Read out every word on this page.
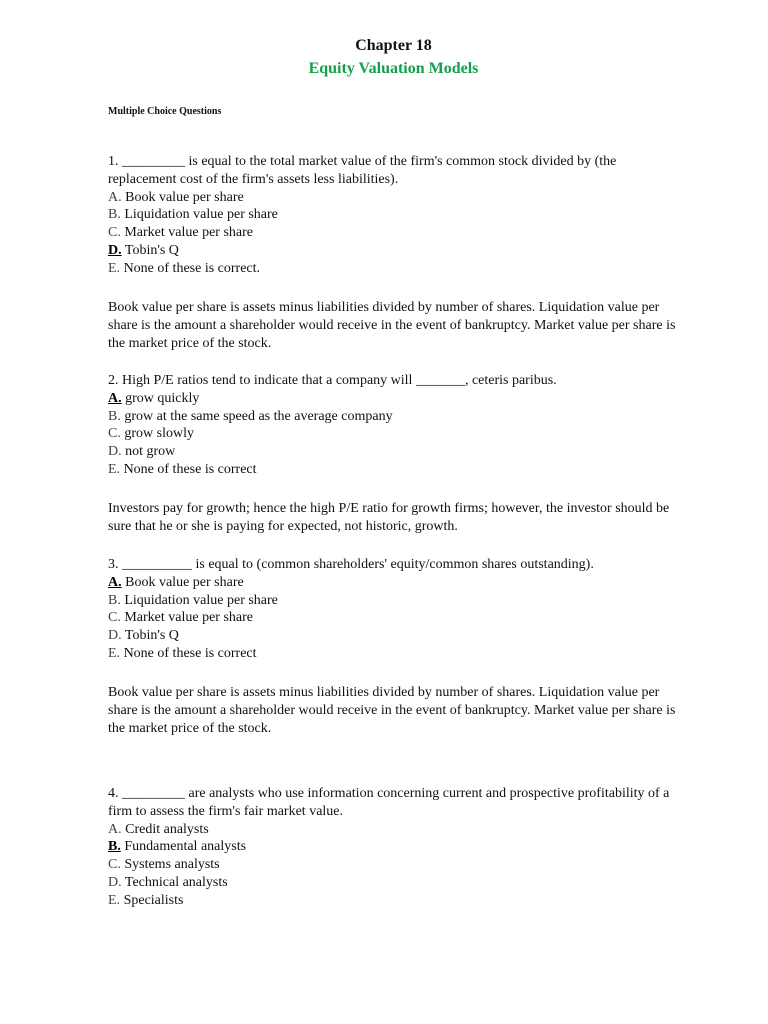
Chapter 18
Equity Valuation Models
Multiple Choice Questions

1. _________ is equal to the total market value of the firm's common stock divided by (the replacement cost of the firm's assets less liabilities).

A. Book value per share
B. Liquidation value per share
C. Market value per share
D. Tobin's Q
E. None of these is correct.

Book value per share is assets minus liabilities divided by number of shares. Liquidation value per share is the amount a shareholder would receive in the event of bankruptcy. Market value per share is the market price of the stock.

2. High P/E ratios tend to indicate that a company will _______, ceteris paribus.

A. grow quickly
B. grow at the same speed as the average company
C. grow slowly
D. not grow
E. None of these is correct

Investors pay for growth; hence the high P/E ratio for growth firms; however, the investor should be sure that he or she is paying for expected, not historic, growth.

3. __________ is equal to (common shareholders' equity/common shares outstanding).

A. Book value per share
B. Liquidation value per share
C. Market value per share
D. Tobin's Q
E. None of these is correct

Book value per share is assets minus liabilities divided by number of shares. Liquidation value per share is the amount a shareholder would receive in the event of bankruptcy. Market value per share is the market price of the stock.

4. _________ are analysts who use information concerning current and prospective profitability of a firm to assess the firm's fair market value.

A. Credit analysts
B. Fundamental analysts
C. Systems analysts
D. Technical analysts
E. Specialists
